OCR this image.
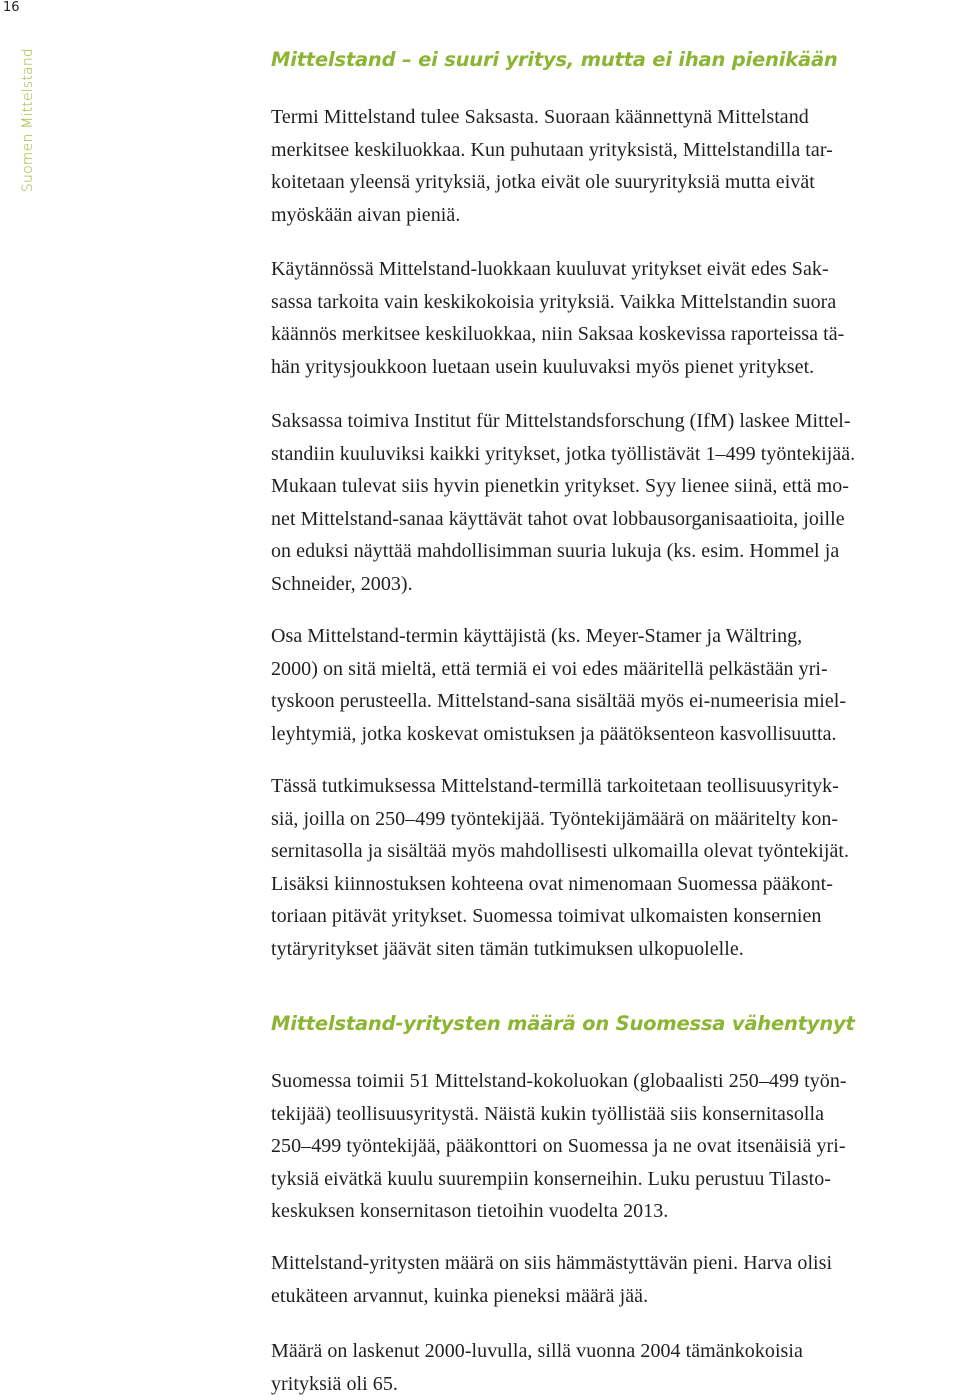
16
Suomen Mittelstand	Mittelstand – ei suuri yritys, mutta ei ihan pienikään

Termi Mittelstand tulee Saksasta. Suoraan käännettynä Mittelstand
merkitsee keskiluokkaa. Kun puhutaan yrityksistä, Mittelstandilla tar-
koitetaan yleensä yrityksiä, jotka eivät ole suuryrityksiä mutta eivät
myöskään aivan pieniä.

Käytännössä Mittelstand-luokkaan kuuluvat yritykset eivät edes Sak-
sassa tarkoita vain keskikokoisia yrityksiä. Vaikka Mittelstandin suora
käännös merkitsee keskiluokkaa, niin Saksaa koskevissa raporteissa tä-
hän yritysjoukkoon luetaan usein kuuluvaksi myös pienet yritykset.

Saksassa toimiva Institut für Mittelstandsforschung (IfM) laskee Mittel-
standiin kuuluviksi kaikki yritykset, jotka työllistävät 1–499 työntekijää.
Mukaan tulevat siis hyvin pienetkin yritykset. Syy lienee siinä, että mo-
net Mittelstand-sanaa käyttävät tahot ovat lobbausorganisaatioita, joille
on eduksi näyttää mahdollisimman suuria lukuja (ks. esim. Hommel ja
Schneider, 2003).

Osa Mittelstand-termin käyttäjistä (ks. Meyer-Stamer ja Wältring,
2000) on sitä mieltä, että termiä ei voi edes määritellä pelkästään yri-
tyskoon perusteella. Mittelstand-sana sisältää myös ei-numeerisia miel-
leyhtymiä, jotka koskevat omistuksen ja päätöksenteon kasvollisuutta.

Tässä tutkimuksessa Mittelstand-termillä tarkoitetaan teollisuusyrityk-
siä, joilla on 250–499 työntekijää. Työntekijämäärä on määritelty kon-
sernitasolla ja sisältää myös mahdollisesti ulkomailla olevat työntekijät.
Lisäksi kiinnostuksen kohteena ovat nimenomaan Suomessa pääkont-
toriaan pitävät yritykset. Suomessa toimivat ulkomaisten konsernien
tytäryritykset jäävät siten tämän tutkimuksen ulkopuolelle.

Mittelstand-yritysten määrä on Suomessa vähentynyt

Suomessa toimii 51 Mittelstand-kokoluokan (globaalisti 250–499 työn-
tekijää) teollisuusyritystä. Näistä kukin työllistää siis konsernitasolla
250–499 työntekijää, pääkonttori on Suomessa ja ne ovat itsenäisiä yri-
tyksiä eivätkä kuulu suurempiin konserneihin. Luku perustuu Tilasto-
keskuksen konsernitason tietoihin vuodelta 2013.

Mittelstand-yritysten määrä on siis hämmästyttävän pieni. Harva olisi
etukäteen arvannut, kuinka pieneksi määrä jää.

Määrä on laskenut 2000-luvulla, sillä vuonna 2004 tämänkokoisia
yrityksiä oli 65.
